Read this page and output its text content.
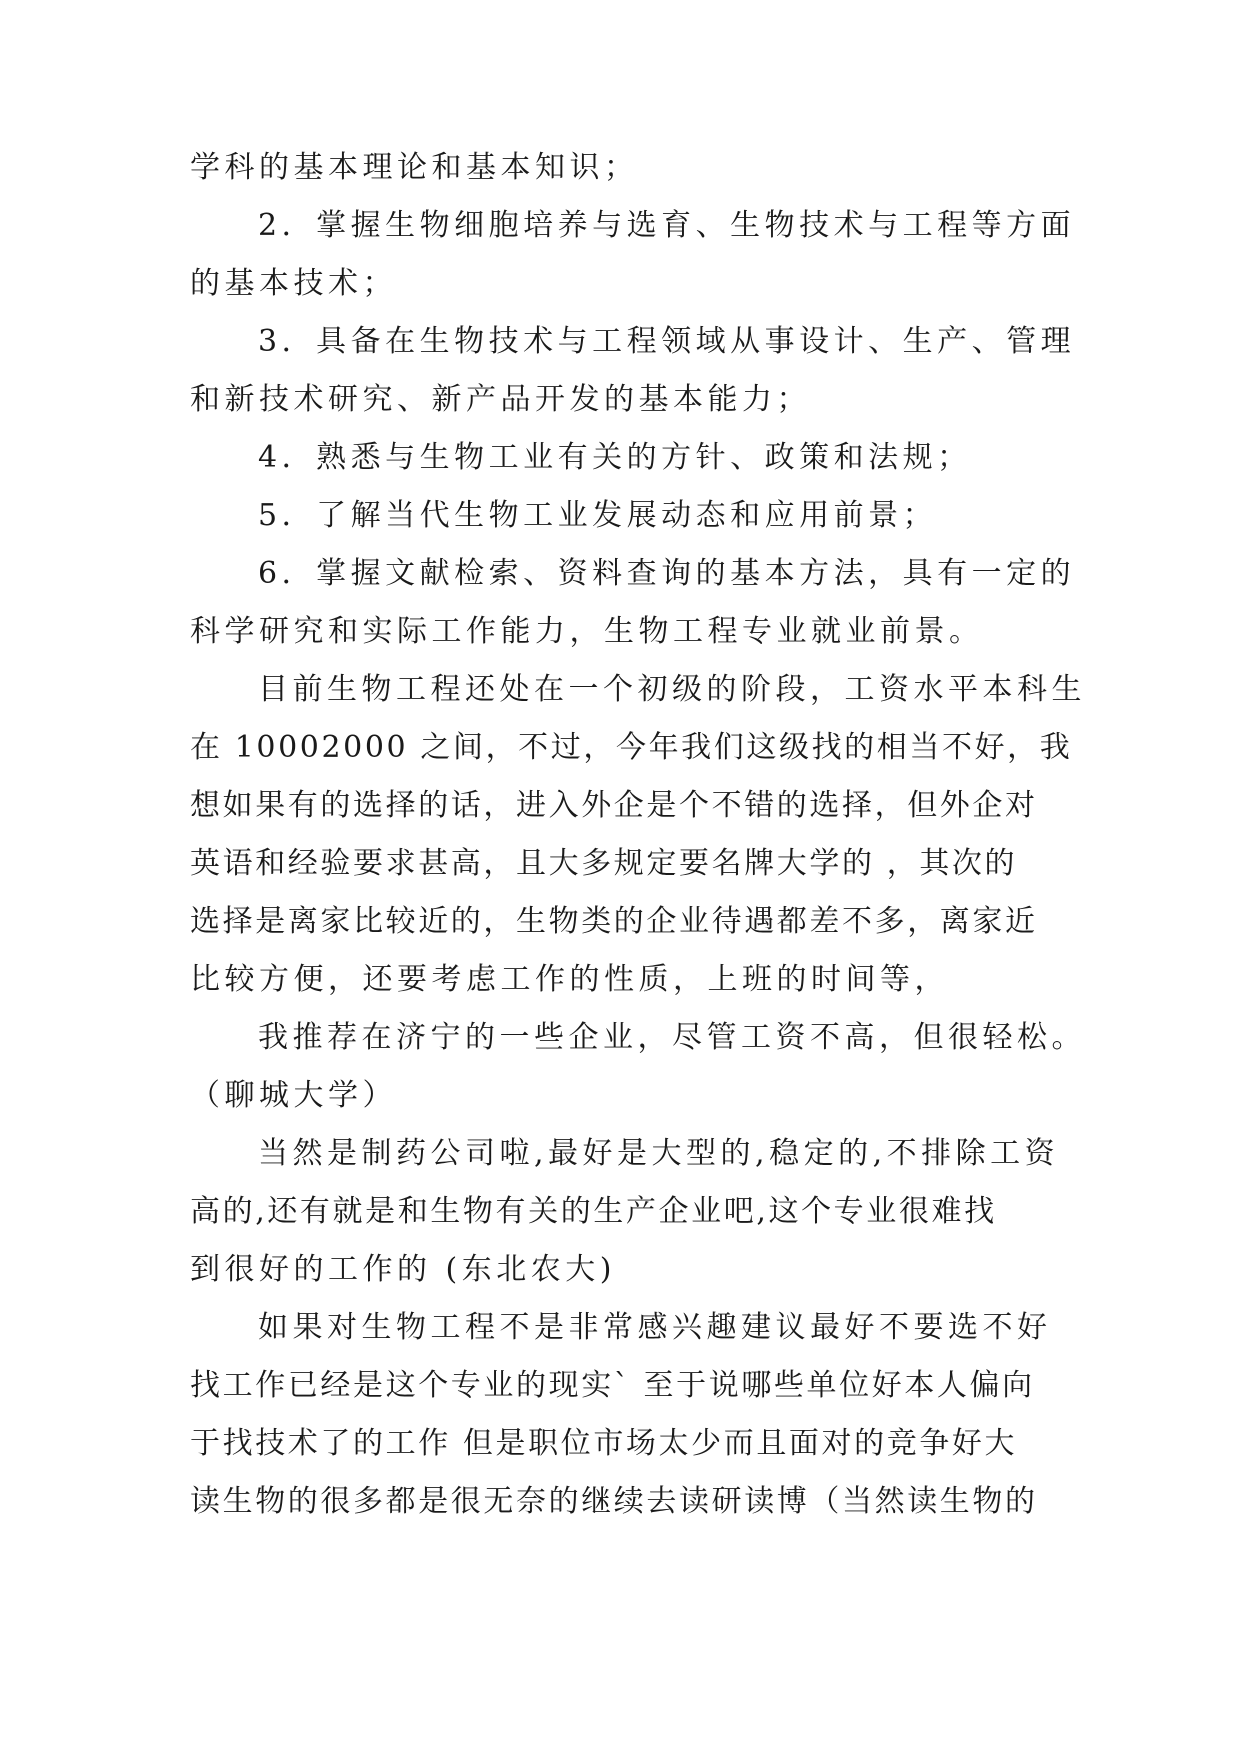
学科的基本理论和基本知识；
2．掌握生物细胞培养与选育、生物技术与工程等方面
的基本技术；
3．具备在生物技术与工程领域从事设计、生产、管理
和新技术研究、新产品开发的基本能力；
4．熟悉与生物工业有关的方针、政策和法规；
5．了解当代生物工业发展动态和应用前景；
6．掌握文献检索、资料查询的基本方法，具有一定的
科学研究和实际工作能力，生物工程专业就业前景。
目前生物工程还处在一个初级的阶段，工资水平本科生
在 10002000 之间，不过，今年我们这级找的相当不好，我
想如果有的选择的话，进入外企是个不错的选择，但外企对
英语和经验要求甚高，且大多规定要名牌大学的 ，其次的
选择是离家比较近的，生物类的企业待遇都差不多，离家近
比较方便，还要考虑工作的性质，上班的时间等，
我推荐在济宁的一些企业，尽管工资不高，但很轻松。
（聊城大学）
当然是制药公司啦,最好是大型的,稳定的,不排除工资
高的,还有就是和生物有关的生产企业吧,这个专业很难找
到很好的工作的 (东北农大)
如果对生物工程不是非常感兴趣建议最好不要选不好
找工作已经是这个专业的现实` 至于说哪些单位好本人偏向
于找技术了的工作 但是职位市场太少而且面对的竞争好大
读生物的很多都是很无奈的继续去读研读博（当然读生物的
